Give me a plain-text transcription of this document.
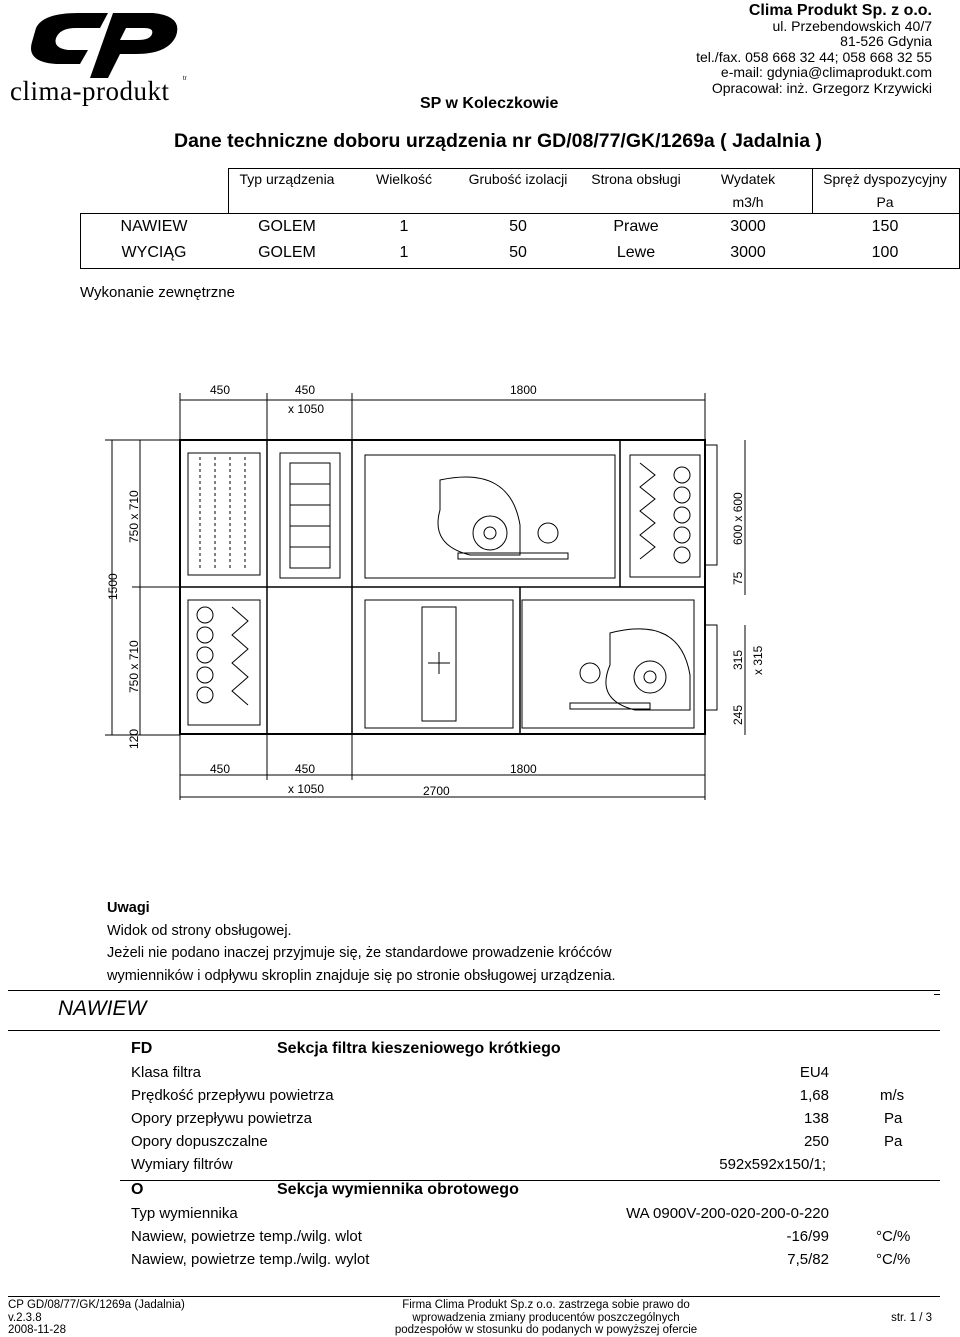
tr
clima-produkt
Clima Produkt Sp. z o.o.
ul. Przebendowskich 40/7
81-526 Gdynia
tel./fax. 058 668 32 44; 058 668 32 55
e-mail: gdynia@climaprodukt.com
Opracował: inż. Grzegorz Krzywicki
SP w Koleczkowie
Dane techniczne doboru urządzenia nr GD/08/77/GK/1269a ( Jadalnia )
Typ urządzenia	Wielkość	Grubość izolacji	Strona obsługi	Wydatek	Spręż dyspozycyjny
m3/h	Pa
NAWIEW	GOLEM	1	50	Prawe	3000	150
WYCIĄG	GOLEM	1	50	Lewe	3000	100
Wykonanie zewnętrzne
450	450
x 1050
1800
450	450
x 1050
1800
2700
1500
750 x 710
750 x 710
120
600 x 600
75
315 x 315
245
Uwagi
Widok od strony obsługowej.
Jeżeli nie podano inaczej przyjmuje się, że standardowe prowadzenie króćców
wymienników i odpływu skroplin znajduje się po stronie obsługowej urządzenia.
NAWIEW
FD	Sekcja filtra kieszeniowego krótkiego
Klasa filtra	EU4
Prędkość przepływu powietrza	1,68	m/s
Opory przepływu powietrza	138	Pa
Opory dopuszczalne	250	Pa
Wymiary filtrów	592x592x150/1;
O	Sekcja wymiennika obrotowego
Typ wymiennika	WA 0900V-200-020-200-0-220
Nawiew, powietrze temp./wilg. wlot	-16/99	°C/%
Nawiew, powietrze temp./wilg. wylot	7,5/82	°C/%
CP GD/08/77/GK/1269a (Jadalnia)
v.2.3.8
2008-11-28
Firma Clima Produkt Sp.z o.o. zastrzega sobie prawo do
wprowadzenia zmiany producentów poszczególnych
podzespołów w stosunku do podanych w powyższej ofercie
str. 1 / 3
